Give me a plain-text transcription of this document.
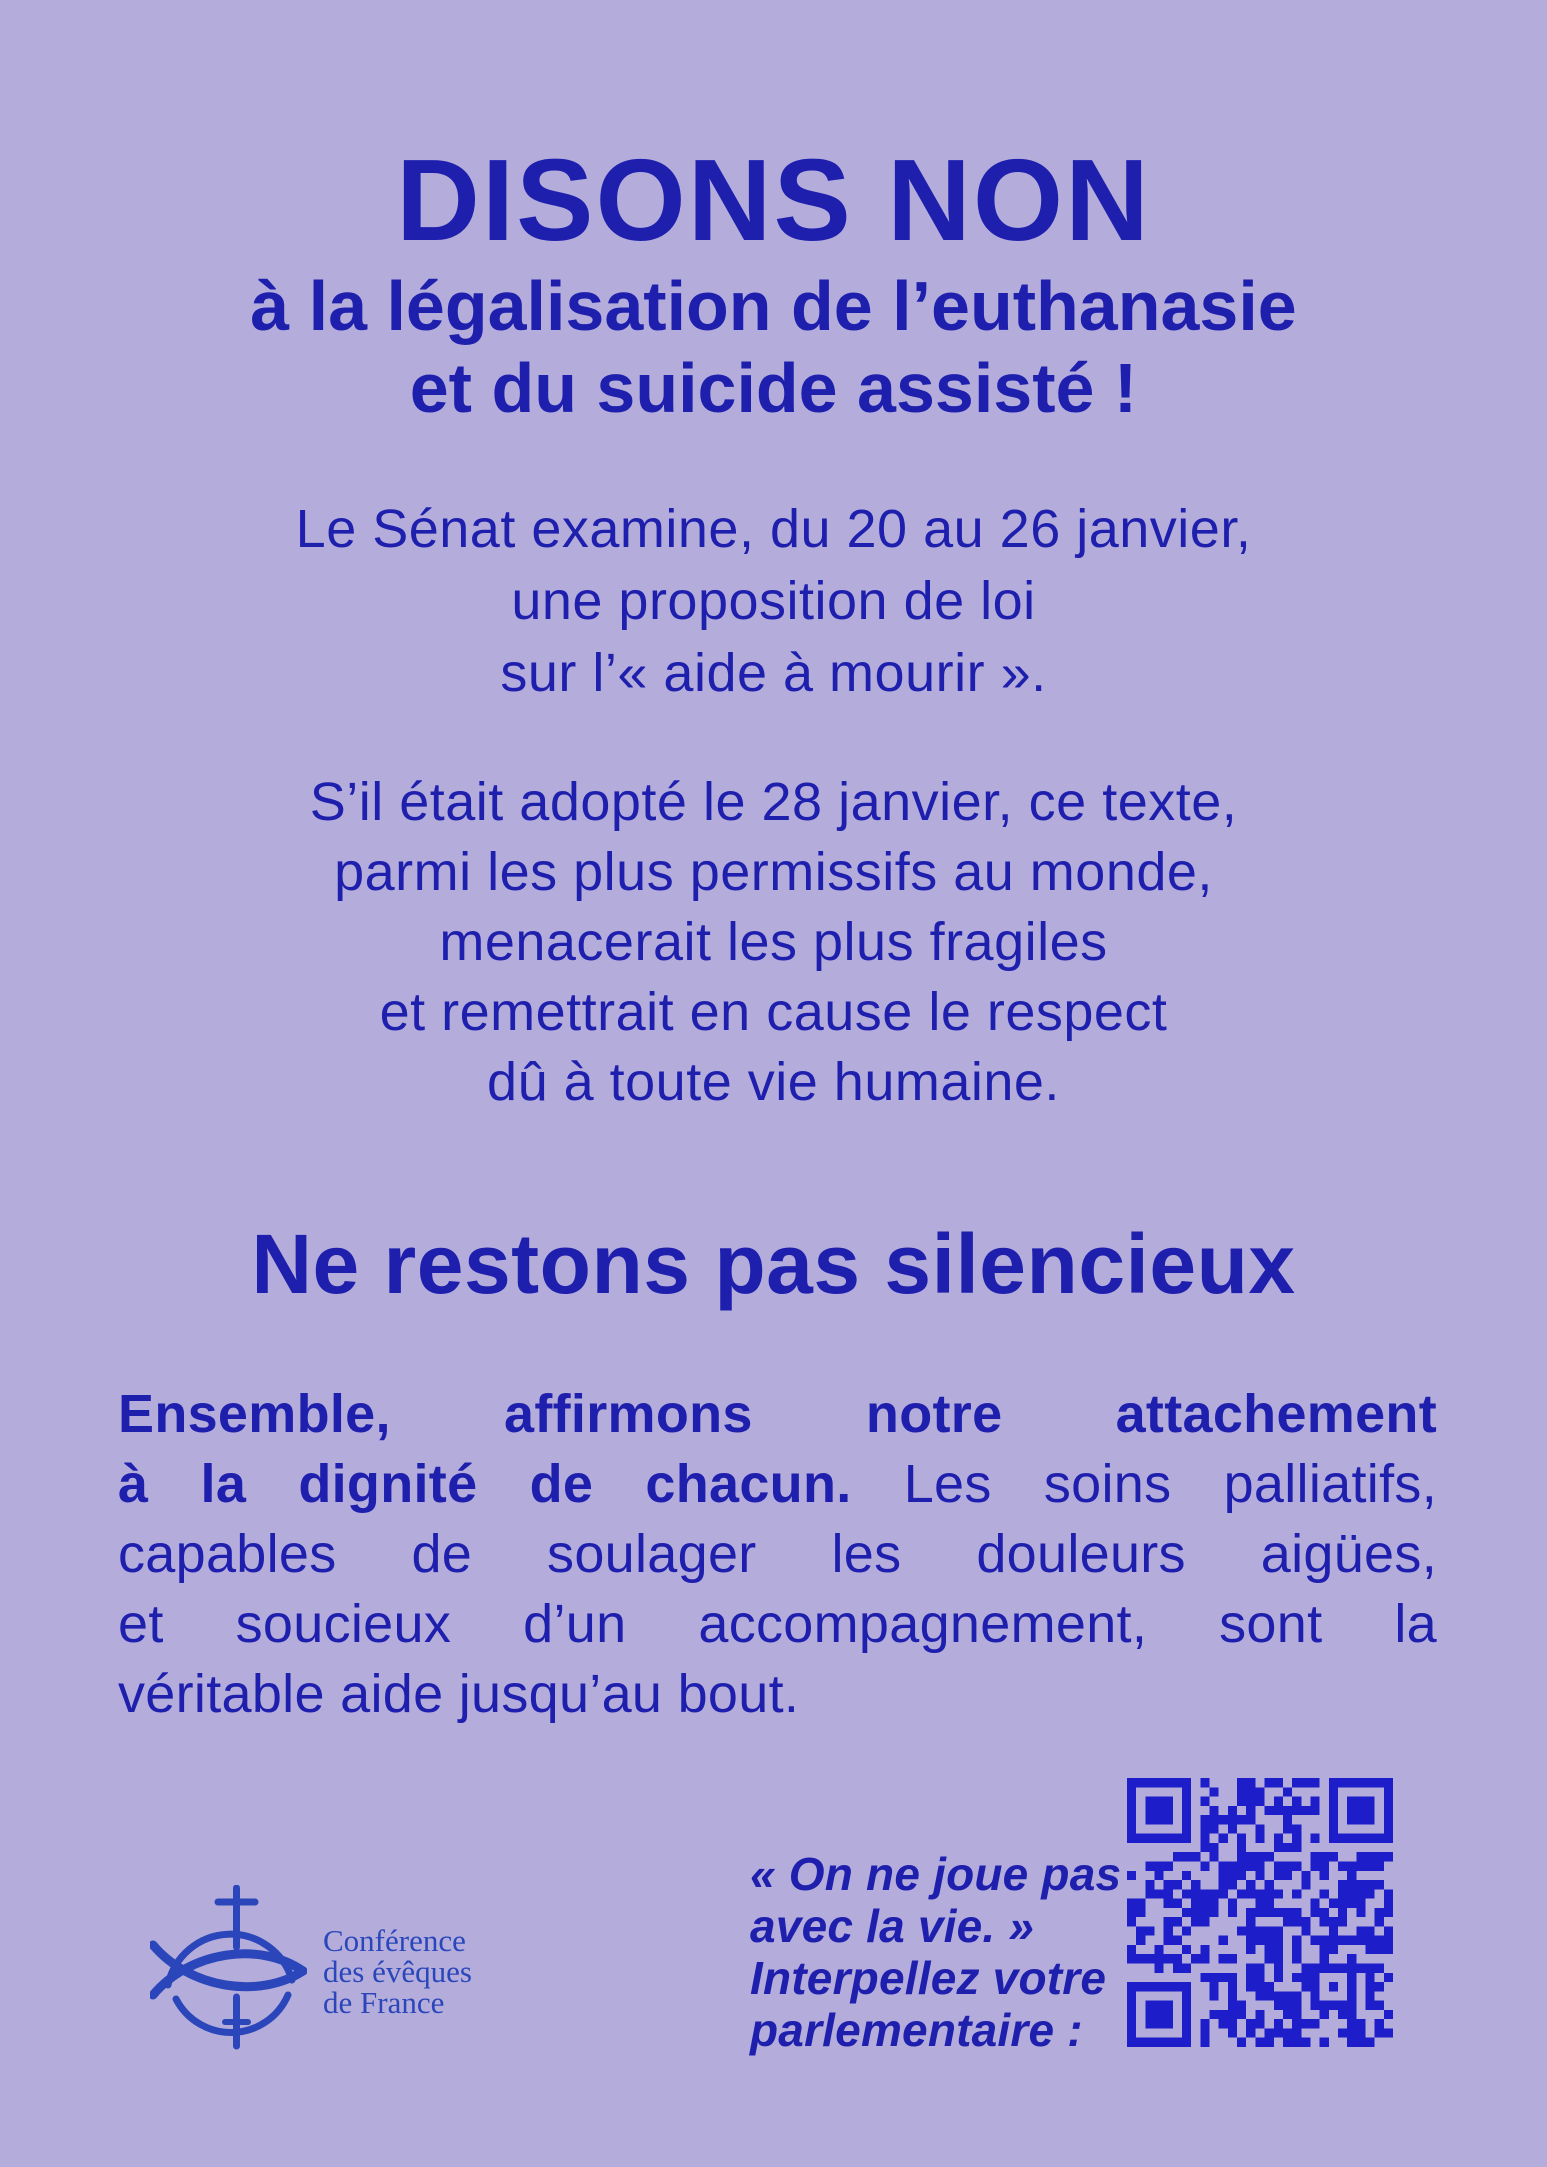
DISONS NON
à la légalisation de l’euthanasie
et du suicide assisté !
Le Sénat examine, du 20 au 26 janvier,
une proposition de loi
sur l’« aide à mourir ».
S’il était adopté le 28 janvier, ce texte,
parmi les plus permissifs au monde,
menacerait les plus fragiles
et remettrait en cause le respect
dû à toute vie humaine.
Ne restons pas silencieux
Ensemble, affirmons notre attachement
à la dignité de chacun. Les soins palliatifs,
capables de soulager les douleurs aigües,
et soucieux d’un accompagnement, sont la
véritable aide jusqu’au bout.
Conférence
des évêques
de France
« On ne joue pas
avec la vie. »
Interpellez votre
parlementaire :
